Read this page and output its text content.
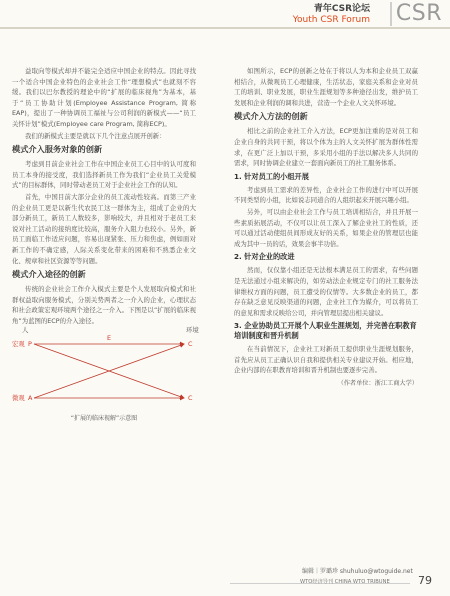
青年CSR论坛
Youth CSR Forum CSR

益取向等模式却并不能完全适应中国企业的特点。因此寻找一个适合中国企业特色的企业社会工作“理想模式”也就刻不容缓。我们以巴尔教授的理论中的“扩展的临床视角”为基本，基于“员工协助计划(Employee Assistance Program, 简称EAP)，提出了一种协调员工福祉与公司利润的新模式——“员工关怀计划”模式(Employee care Program, 简称ECP)。

我们的新模式主要是就以下几个注意点展开创新：

模式介入服务对象的创新

考虑到目前企业社会工作在中国企业员工心目中的认可度和员工本身的接受度，我们选择新员工作为我们“企业员工关爱模式”的目标群体，同时带动老员工对于企业社会工作的认知。

首先，中国目前大部分企业的员工流动性较高。而第三产业的企业员工更是以新生代农民工这一群体为主，组成了企业的大部分新员工，新员工人数较多，影响较大，并且相对于老员工来说对社工活动的接纳度比较高，服务介入阻力也较小。另外，新员工面临工作适应问题，容易出现紧张、压力和焦虑，例如面对新工作的不确定感，人际关系变化带来的困难和不熟悉企业文化、规章和社区资源等等问题。

模式介入途径的创新

传统的企业社会工作介入模式主要是个人发展取向模式和社群权益取向服务模式，分别关势两者之一介入的企业，心理状态和社会政策宏观环境两个途径之一介入。下图是以“扩展的临床视角”为蓝图的ECP的介入途径。

人
宏观 P
E
环境
C
微观 A	C
“扩展的临床视解”示意图

如图所示，ECP的创新之处在于将以人为本和企业员工双赢相结合，从微观员工心理健康，生活状态，家庭关系和企业对员工的培训、职业发展，职业生涯规划等多种途径出发，维护员工发展和企业利润的调和共进，营造一个企业人文关怀环境。

模式介入方法的创新

相比之前的企业社工介入方法，ECP更加注重的是对员工和企业自身的共同干预，将以个体为主的人文关怀扩展为群体性需求，在更广泛上加以干预，多采用小组的手法以解决多人共同的需求，同时协调企业建立一套面向新员工的社工服务体系。

1. 针对员工的小组开展

考虑到员工需求的差异性，企业社会工作的进行中可以开展不同类型的小组，比如说志同道合的人组织起来开展兴趣小组。

另外，可以由企业社会工作与员工培训相结合，并且开展一些素质拓展活动，不仅可以让员工深入了解企业社工的性质，还可以通过活动使组员间形成友好的关系，如果企业的管理层也能成为其中一员的话，效果会事半功倍。

2. 针对企业的改进

然而，仅仅靠小组还是无法根本满足员工的需求，有些问题是无法通过小组来解决的，如劳动法企业规定专门的社工服务法律维权方面的问题，员工遭受的仅情等。大多数企业的员工，都存在缺乏意见反映渠道的问题，企业社工作为媒介，可以将员工的意见和需求反映给公司，并向管理层提出相关建议。

3. 企业协助员工开展个人职业生涯规划，并完善在职教育培训制度和晋升机制

在当前情况下，企业社工对新员工提供职业生涯规划服务，首先应从员工正确认识自我和提供相关专业建议开始。相应地，企业内部的在职教育培训和晋升机制也要逐步完善。

（作者单位：浙江工商大学）
编辑｜罗璐珍 shuhuluo@wtoguide.net
WTO经济导刊 CHINA WTO TRIBUNE	79
